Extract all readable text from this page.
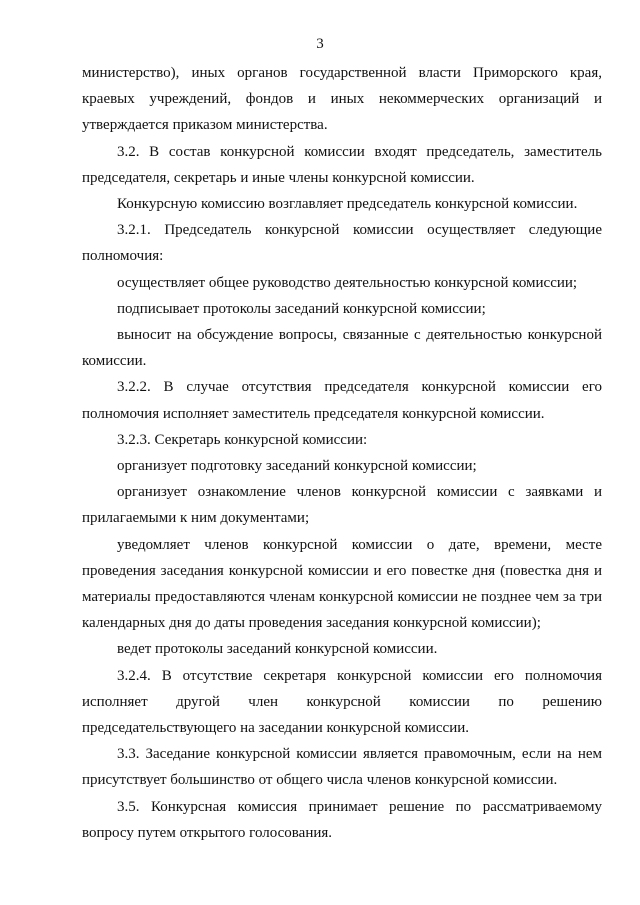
3
министерство), иных органов государственной власти Приморского края,
краевых учреждений, фондов и иных некоммерческих организаций и
утверждается приказом министерства.
3.2. В состав конкурсной комиссии входят председатель, заместитель
председателя, секретарь и иные члены конкурсной комиссии.
Конкурсную комиссию возглавляет председатель конкурсной комиссии.
3.2.1. Председатель конкурсной комиссии осуществляет следующие
полномочия:
осуществляет общее руководство деятельностью конкурсной комиссии;
подписывает протоколы заседаний конкурсной комиссии;
выносит на обсуждение вопросы, связанные с деятельностью конкурсной
комиссии.
3.2.2. В случае отсутствия председателя конкурсной комиссии его
полномочия исполняет заместитель председателя конкурсной комиссии.
3.2.3. Секретарь конкурсной комиссии:
организует подготовку заседаний конкурсной комиссии;
организует ознакомление членов конкурсной комиссии с заявками и
прилагаемыми к ним документами;
уведомляет членов конкурсной комиссии о дате, времени, месте
проведения заседания конкурсной комиссии и его повестке дня (повестка дня и
материалы предоставляются членам конкурсной комиссии не позднее чем за три
календарных дня до даты проведения заседания конкурсной комиссии);
ведет протоколы заседаний конкурсной комиссии.
3.2.4. В отсутствие секретаря конкурсной комиссии его полномочия
исполняет другой член конкурсной комиссии по решению
председательствующего на заседании конкурсной комиссии.
3.3. Заседание конкурсной комиссии является правомочным, если на нем
присутствует большинство от общего числа членов конкурсной комиссии.
3.5. Конкурсная комиссия принимает решение по рассматриваемому
вопросу путем открытого голосования.
